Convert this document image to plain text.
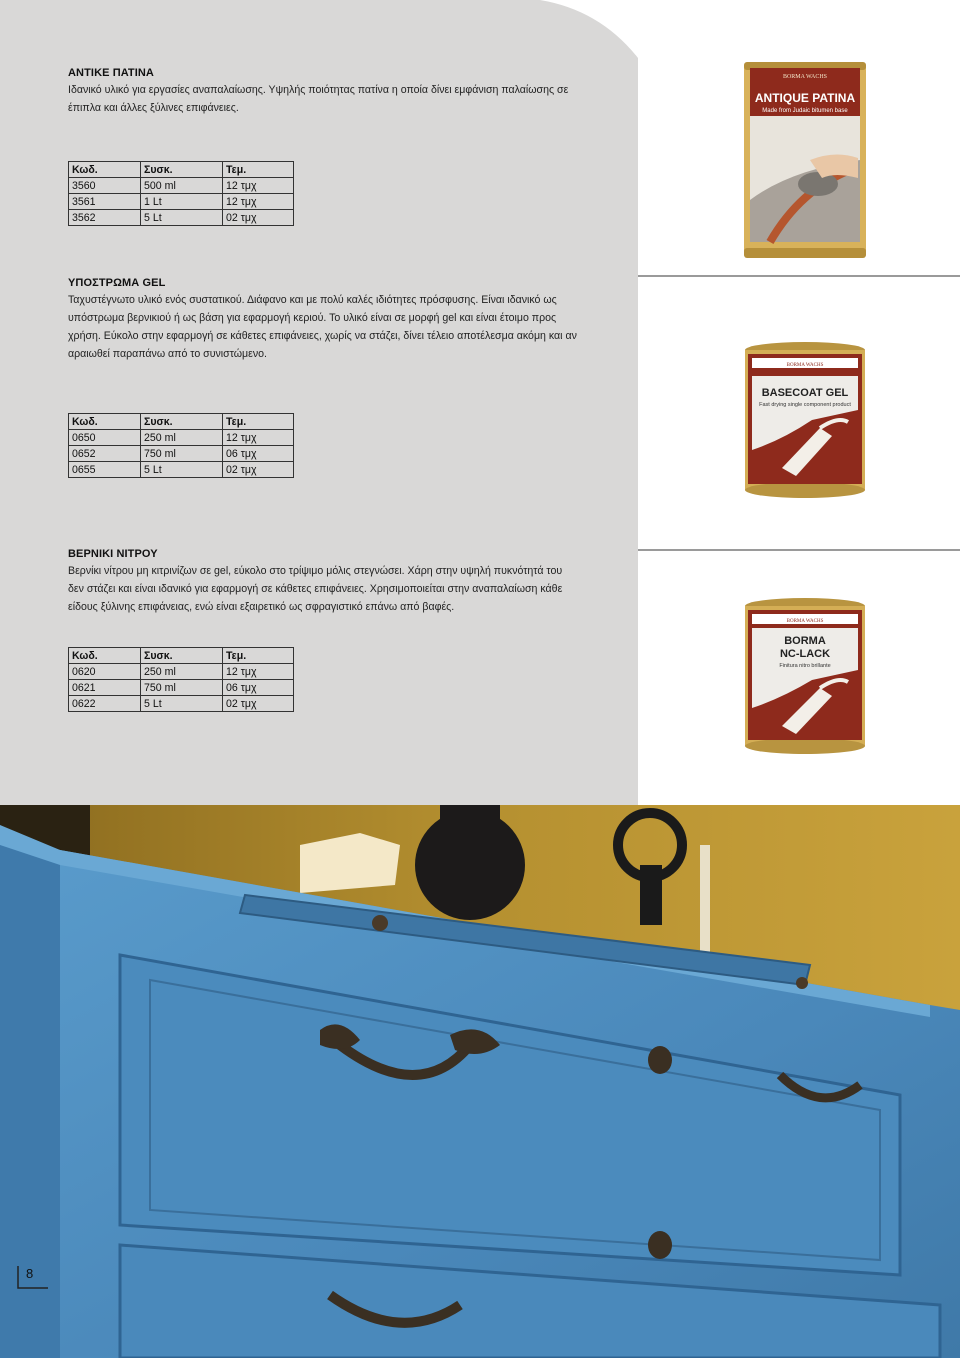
ΑΝΤΙΚΕ ΠΑΤΙΝΑ

Ιδανικό υλικό για εργασίες αναπαλαίωσης. Υψηλής ποιότητας πατίνα η οποία δίνει εμφάνιση παλαίωσης σε

έπιπλα και άλλες ξύλινες επιφάνειες.

Κωδ.	Συσκ.	Τεμ.
3560	500 ml	12 τμχ
3561	1 Lt	12 τμχ
3562	5 Lt	02 τμχ
ΥΠΟΣΤΡΩΜΑ GEL

Ταχυστέγνωτο υλικό ενός συστατικού. Διάφανο και με πολύ καλές ιδιότητες πρόσφυσης. Είναι ιδανικό ως

υπόστρωμα βερνικιού ή ως βάση για εφαρμογή κεριού. Το υλικό είναι σε μορφή gel και είναι έτοιμο προς

χρήση. Εύκολο στην εφαρμογή σε κάθετες επιφάνειες, χωρίς να στάζει, δίνει τέλειο αποτέλεσμα ακόμη και αν

αραιωθεί παραπάνω από το συνιστώμενο.

Κωδ.	Συσκ.	Τεμ.
0650	250 ml	12 τμχ
0652	750 ml	06 τμχ
0655	5 Lt	02 τμχ
ΒΕΡΝΙΚΙ ΝΙΤΡΟΥ

Βερνίκι νίτρου μη κιτρινίζων σε gel, εύκολο στο τρίψιμο μόλις στεγνώσει. Χάρη στην υψηλή πυκνότητά του

δεν στάζει και είναι ιδανικό για εφαρμογή σε κάθετες επιφάνειες. Χρησιμοποιείται στην αναπαλαίωση κάθε

είδους ξύλινης επιφάνειας, ενώ είναι εξαιρετικό ως σφραγιστικό επάνω από βαφές.

Κωδ.	Συσκ.	Τεμ.
0620	250 ml	12 τμχ
0621	750 ml	06 τμχ
0622	5 Lt	02 τμχ
BORMA WACHS
ANTIQUE PATINA
Made from Judaic bitumen base
BORMA WACHS
BASECOAT GEL
Fast drying single component product
BORMA WACHS
BORMA
NC-LACK
Finitura nitro brillante
8
